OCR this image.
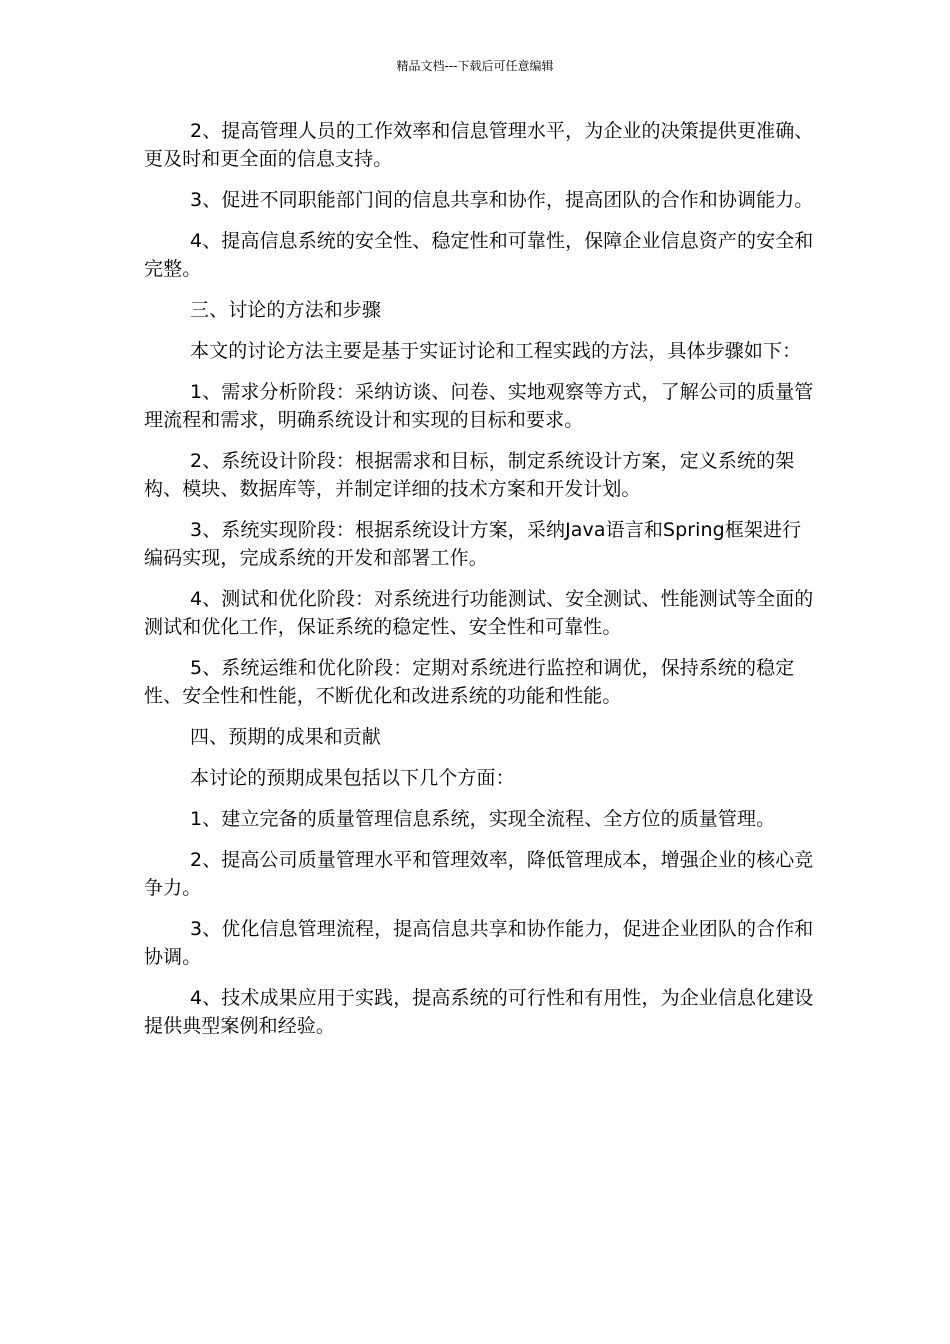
精品文档---下载后可任意编辑

2、提高管理人员的工作效率和信息管理水平，为企业的决策提供更准确、更及时和更全面的信息支持。

3、促进不同职能部门间的信息共享和协作，提高团队的合作和协调能力。

4、提高信息系统的安全性、稳定性和可靠性，保障企业信息资产的安全和完整。

三、讨论的方法和步骤

本文的讨论方法主要是基于实证讨论和工程实践的方法，具体步骤如下：

1、需求分析阶段：采纳访谈、问卷、实地观察等方式，了解公司的质量管理流程和需求，明确系统设计和实现的目标和要求。

2、系统设计阶段：根据需求和目标，制定系统设计方案，定义系统的架构、模块、数据库等，并制定详细的技术方案和开发计划。

3、系统实现阶段：根据系统设计方案，采纳Java语言和Spring框架进行编码实现，完成系统的开发和部署工作。

4、测试和优化阶段：对系统进行功能测试、安全测试、性能测试等全面的测试和优化工作，保证系统的稳定性、安全性和可靠性。

5、系统运维和优化阶段：定期对系统进行监控和调优，保持系统的稳定性、安全性和性能，不断优化和改进系统的功能和性能。

四、预期的成果和贡献

本讨论的预期成果包括以下几个方面：

1、建立完备的质量管理信息系统，实现全流程、全方位的质量管理。

2、提高公司质量管理水平和管理效率，降低管理成本，增强企业的核心竞争力。

3、优化信息管理流程，提高信息共享和协作能力，促进企业团队的合作和协调。

4、技术成果应用于实践，提高系统的可行性和有用性，为企业信息化建设提供典型案例和经验。
